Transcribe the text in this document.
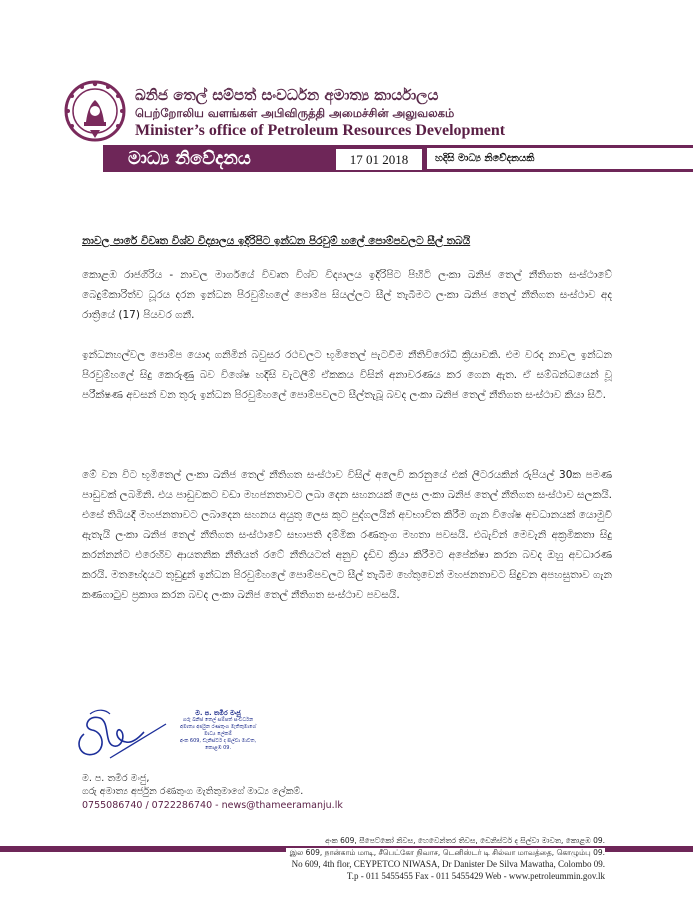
ඛනිජ තෙල් සම්පත් සංවර්ධන අමාත්‍ය කාර්යාලය
பெற்றோலிய வளங்கள் அபிவிருத்தி அமைச்சின் அலுவலகம்
Minister’s office of Petroleum Resources Development
මාධ්‍ය නිවේදනය	17 01 2018	හදිසි මාධ්‍ය නිවේදනයකි
නාවල පාරේ විවෘත විශ්ව විද්‍යාලය ඉදිරිපිට ඉන්ධන පිරවුම් හලේ පොම්පවලට සීල් තබයි
කොළඹ රාජගිරිය - නාවල මාර්ගයේ විවෘත විශ්ව විද්‍යාලය ඉදිරිපිට පිහිටි ලංකා ඛනිජ තෙල් නීතිගත සංස්ථාවේ බෙදුම්කාරිත්ව ධූරය දරන ඉන්ධන පිරවුම්හලේ පොම්ප සියල්ලට සීල් තැබීමට ලංකා ඛනිජ තෙල් නීතිගත සංස්ථාව අද රාත්‍රියේ (17) පියවර ගනී.
ඉන්ධනහල්වල පොම්ප යොදා ගනිමින් බවුසර රථවලට භූමිතෙල් පැටවීම නීතිවිරෝධී ක්‍රියාවකි. එම වරද නාවල ඉන්ධන පිරවුම්හලේ සිදු කෙරුණු බව විශේෂ හදිසි වැටලීම් ඒකකය විසින් අනාවරණය කර ගෙන ඇත. ඒ සම්බන්ධයෙන් වූ පරීක්ෂණ අවසන් වන තුරු ඉන්ධන පිරවුම්හලේ පොම්පවලට සීල්තැබූ බවද ලංකා ඛනිජ තෙල් නීතිගත සංස්ථාව කියා සිටී.
මේ වන විට භූමිතෙල් ලංකා ඛනිජ තෙල් නීතිගත සංස්ථාව විසිල් අලෙවි කරනුයේ එක් ලීටරයකින් රුපියල් 30ක පමණ පාඩුවක් ලබමිනි. එය පාඩුවකට වඩා මහජනතාවට ලබා දෙන සහනයක් ලෙස ලංකා ඛනිජ තෙල් නීතිගත සංස්ථාව සලකයි. එසේ තිබියදී මහජනතාවට ලබාදෙන සහනය අයුතු ලෙස කුට පුද්ගලයින් අවභාවිත කිරීම ගැන විශේෂ අවධානයක් යොමුවී ඇතැයි ලංකා ඛනිජ තෙල් නීතිගත සංස්ථාවේ සභාපති දම්මික රණතුංග මහතා පවසයි. එබැවින් මෙවැනි අක්‍රමිකතා සිදු කරන්නන්ට එරෙහිව ආයතනික නීතියත් රටේ නීතියටත් අනුව දැඩිව ක්‍රියා කිරීමට අපේක්ෂා කරන බවද ඔහු අවධාරණ කරයි. මතභේදයට තුඩුදුන් ඉන්ධන පිරවුම්හලේ පොම්පවලට සීල් තැබීම හේතුවෙන් මහජනතාවට සිදුවන අපහසුතාව ගැන කණගාටුව ප්‍රකාශ කරන බවද ලංකා ඛනිජ තෙල් නීතිගත සංස්ථාව පවසයි.
ම. ප. තමීර මංජු
ගරු ඛනිජ තෙල් සම්පත් සංවර්ධන
අමාත්‍ය අර්ජුන රණතුංග මැතිතුමාගේ
මාධ්‍ය ලේකම්
අංක 609, ඩැනිස්ටර් ද සිල්වා මාවත, කොළඹ 09.
ම. ප. තමීර මංජු,
ගරු අමාත්‍ය අර්ජුන රණතුංග මැතිතුමාගේ මාධ්‍ය ලේකම්.
0755086740 / 0722286740 - news@thameeramanju.lk
අංක 609, සීපෙට්කෝ නිවස, හෙවෙන්තර තිවස, ඩෙනිස්ටර් ද සිල්වා මාවත, කොළඹ 09.
இல 609, நான்காம் மாடி, சீபெட்கோ நிவாச, டெனிஸ்டர் டி சில்வா மாவத்தை, கொழும்பு 09.
No 609, 4th flor, CEYPETCO NIWASA, Dr Danister De Silva Mawatha, Colombo 09.
T.p - 011 5455455 Fax - 011 5455429 Web - www.petroleummin.gov.lk
